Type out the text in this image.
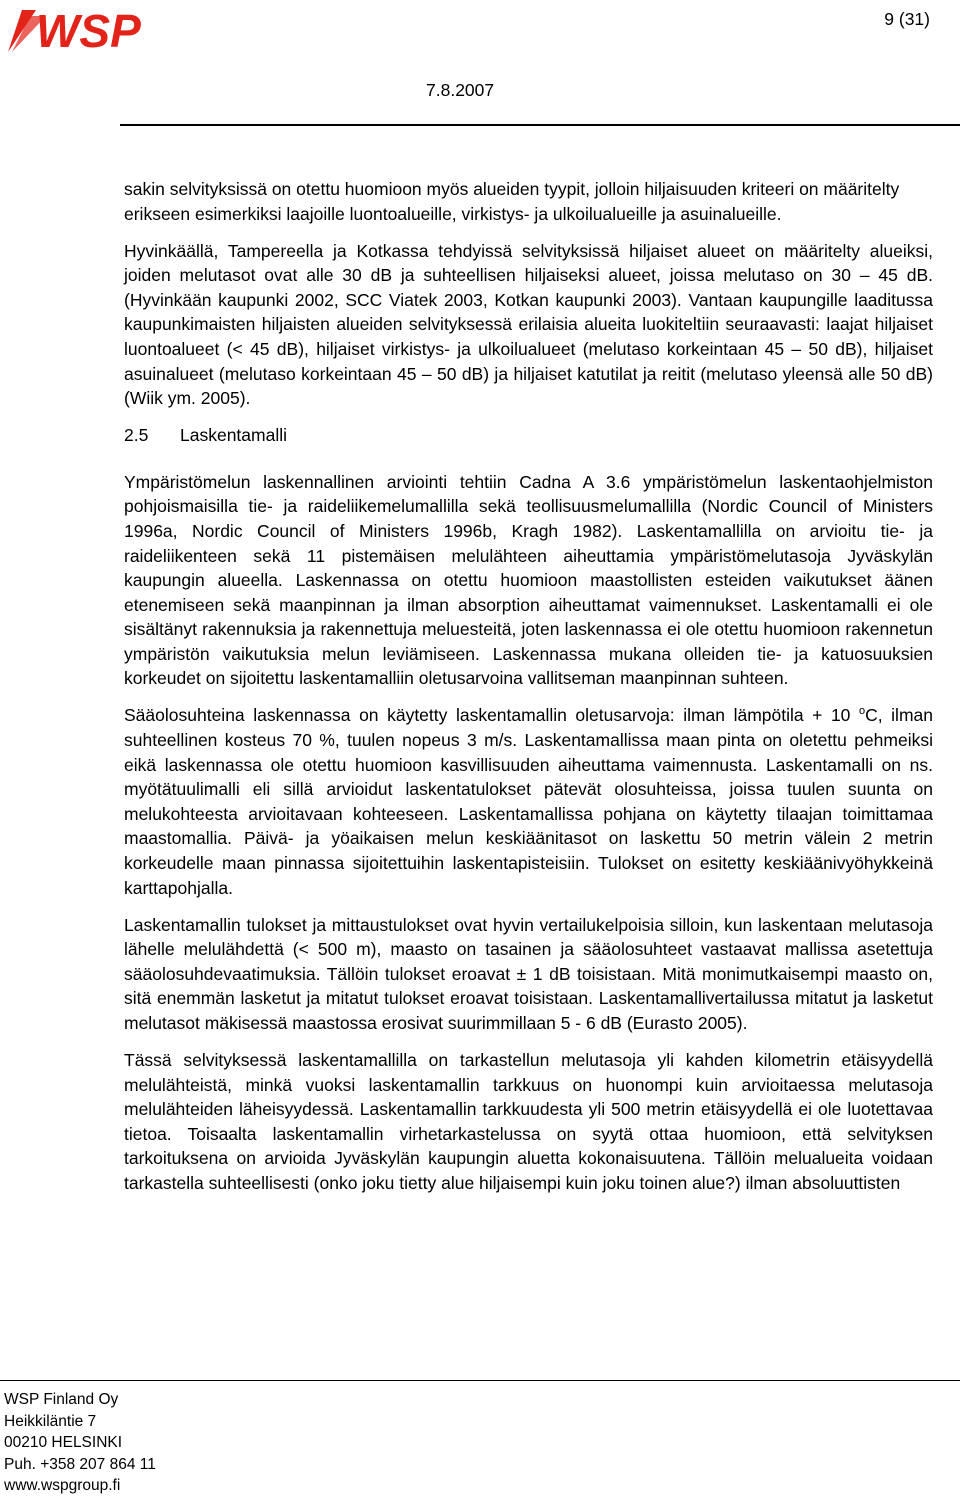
WSP	9 (31)
7.8.2007

sakin selvityksissä on otettu huomioon myös alueiden tyypit, jolloin hiljaisuuden kriteeri on määritelty erikseen esimerkiksi laajoille luontoalueille, virkistys- ja ulkoilualueille ja asuinalueille.

Hyvinkäällä, Tampereella ja Kotkassa tehdyissä selvityksissä hiljaiset alueet on määritelty alueiksi, joiden melutasot ovat alle 30 dB ja suhteellisen hiljaiseksi alueet, joissa melutaso on 30 – 45 dB. (Hyvinkään kaupunki 2002, SCC Viatek 2003, Kotkan kaupunki 2003). Vantaan kaupungille laaditussa kaupunkimaisten hiljaisten alueiden selvityksessä erilaisia alueita luokiteltiin seuraavasti: laajat hiljaiset luontoalueet (< 45 dB), hiljaiset virkistys- ja ulkoilualueet (melutaso korkeintaan 45 – 50 dB), hiljaiset asuinalueet (melutaso korkeintaan 45 – 50 dB) ja hiljaiset katutilat ja reitit (melutaso yleensä alle 50 dB) (Wiik ym. 2005).

2.5 Laskentamalli

Ympäristömelun laskennallinen arviointi tehtiin Cadna A 3.6 ympäristömelun laskentaohjelmiston pohjoismaisilla tie- ja raideliikemelumallilla sekä teollisuusmelumallilla (Nordic Council of Ministers 1996a, Nordic Council of Ministers 1996b, Kragh 1982). Laskentamallilla on arvioitu tie- ja raideliikenteen sekä 11 pistemäisen melulähteen aiheuttamia ympäristömelutasoja Jyväskylän kaupungin alueella. Laskennassa on otettu huomioon maastollisten esteiden vaikutukset äänen etenemiseen sekä maanpinnan ja ilman absorption aiheuttamat vaimennukset. Laskentamalli ei ole sisältänyt rakennuksia ja rakennettuja meluesteitä, joten laskennassa ei ole otettu huomioon rakennetun ympäristön vaikutuksia melun leviämiseen. Laskennassa mukana olleiden tie- ja katuosuuksien korkeudet on sijoitettu laskentamalliin oletusarvoina vallitseman maanpinnan suhteen.

Sääolosuhteina laskennassa on käytetty laskentamallin oletusarvoja: ilman lämpötila + 10 $^o$C, ilman suhteellinen kosteus 70 %, tuulen nopeus 3 m/s. Laskentamallissa maan pinta on oletettu pehmeiksi eikä laskennassa ole otettu huomioon kasvillisuuden aiheuttama vaimennusta. Laskentamalli on ns. myötätuulimalli eli sillä arvioidut laskentatulokset pätevät olosuhteissa, joissa tuulen suunta on melukohteesta arvioitavaan kohteeseen. Laskentamallissa pohjana on käytetty tilaajan toimittamaa maastomallia. Päivä- ja yöaikaisen melun keskiäänitasot on laskettu 50 metrin välein 2 metrin korkeudelle maan pinnassa sijoitettuihin laskentapisteisiin. Tulokset on esitetty keskiäänivyöhykkeinä karttapohjalla.

Laskentamallin tulokset ja mittaustulokset ovat hyvin vertailukelpoisia silloin, kun laskentaan melutasoja lähelle melulähdettä (< 500 m), maasto on tasainen ja sääolosuhteet vastaavat mallissa asetettuja sääolosuhdevaatimuksia. Tällöin tulokset eroavat ± 1 dB toisistaan. Mitä monimutkaisempi maasto on, sitä enemmän lasketut ja mitatut tulokset eroavat toisistaan. Laskentamallivertailussa mitatut ja lasketut melutasot mäkisessä maastossa erosivat suurimmillaan 5 - 6 dB (Eurasto 2005).

Tässä selvityksessä laskentamallilla on tarkastellun melutasoja yli kahden kilometrin etäisyydellä melulähteistä, minkä vuoksi laskentamallin tarkkuus on huonompi kuin arvioitaessa melutasoja melulähteiden läheisyydessä. Laskentamallin tarkkuudesta yli 500 metrin etäisyydellä ei ole luotettavaa tietoa. Toisaalta laskentamallin virhetarkastelussa on syytä ottaa huomioon, että selvityksen tarkoituksena on arvioida Jyväskylän kaupungin aluetta kokonaisuutena. Tällöin melualueita voidaan tarkastella suhteellisesti (onko joku tietty alue hiljaisempi kuin joku toinen alue?) ilman absoluuttisten

WSP Finland Oy
Heikkiläntie 7
00210 HELSINKI
Puh. +358 207 864 11
www.wspgroup.fi
